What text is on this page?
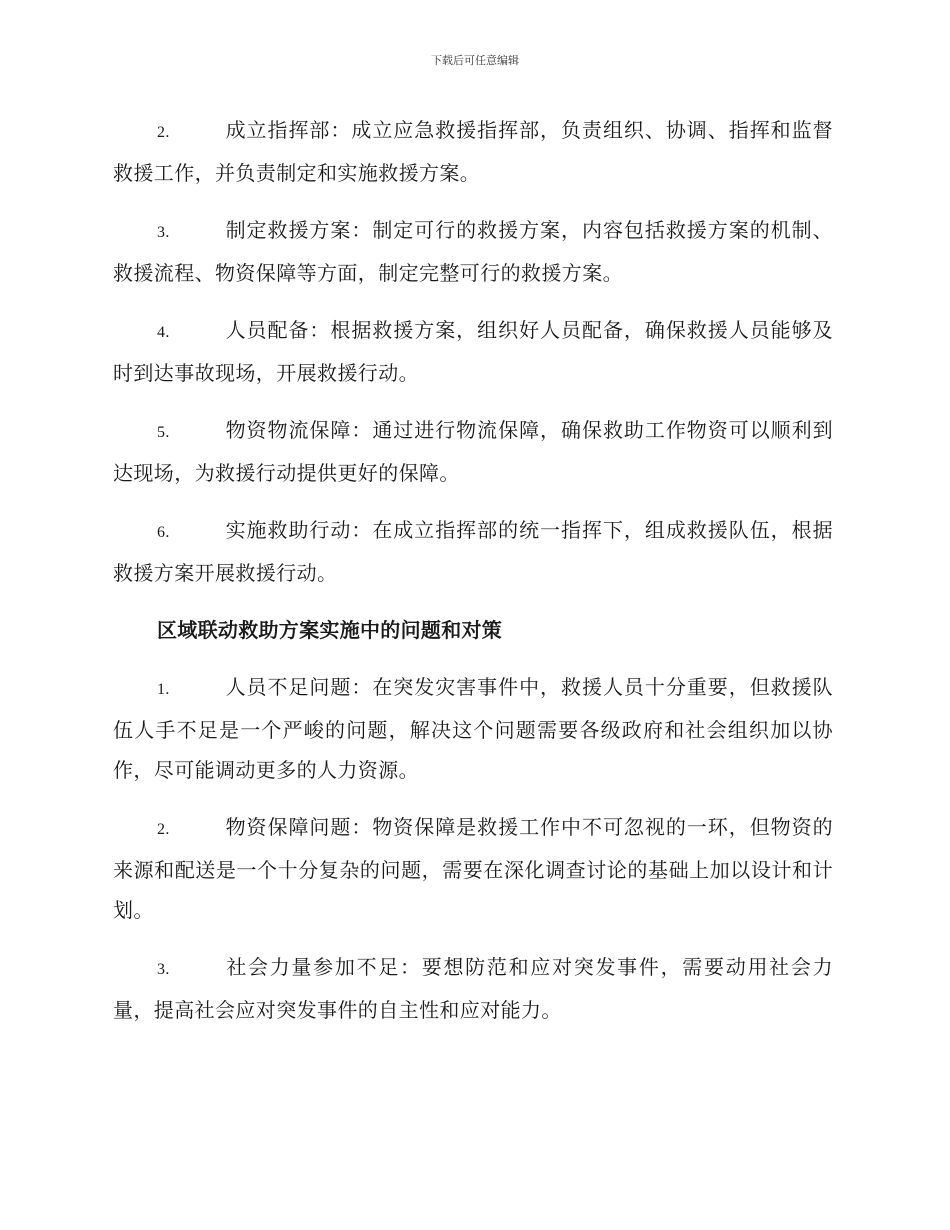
下载后可任意编辑

2.	成立指挥部：成立应急救援指挥部，负责组织、协调、指挥和监督救援工作，并负责制定和实施救援方案。

3.	制定救援方案：制定可行的救援方案，内容包括救援方案的机制、救援流程、物资保障等方面，制定完整可行的救援方案。

4.	人员配备：根据救援方案，组织好人员配备，确保救援人员能够及时到达事故现场，开展救援行动。

5.	物资物流保障：通过进行物流保障，确保救助工作物资可以顺利到达现场，为救援行动提供更好的保障。

6.	实施救助行动：在成立指挥部的统一指挥下，组成救援队伍，根据救援方案开展救援行动。

区域联动救助方案实施中的问题和对策

1.	人员不足问题：在突发灾害事件中，救援人员十分重要，但救援队伍人手不足是一个严峻的问题，解决这个问题需要各级政府和社会组织加以协作，尽可能调动更多的人力资源。

2.	物资保障问题：物资保障是救援工作中不可忽视的一环，但物资的来源和配送是一个十分复杂的问题，需要在深化调查讨论的基础上加以设计和计划。

3.	社会力量参加不足：要想防范和应对突发事件，需要动用社会力量，提高社会应对突发事件的自主性和应对能力。
